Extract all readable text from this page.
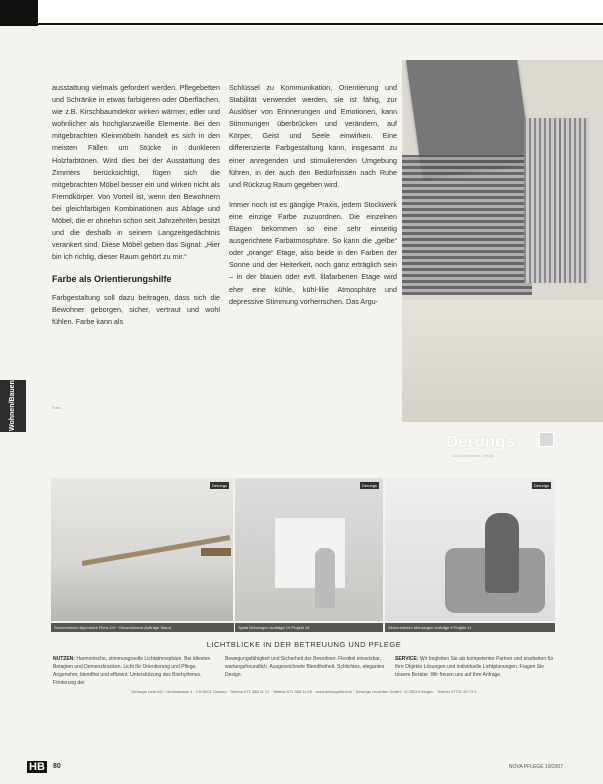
ausstattung vielmals gefordert werden. Pflegebetten und Schränke in etwas farbigeren oder Oberflächen, wie z.B. Kirschbaumdekor wirken wärmer, edler und wohnlicher als hochglanzweiße Elemente. Bei den mitgebrachten Kleinmöbeln handelt es sich in den meisten Fällen um Stücke in dunkleren Holzfarbtönen. Wird dies bei der Ausstattung des Zimmers berücksichtigt, fügen sich die mitgebrachten Möbel besser ein und wirken nicht als Fremdkörper. Von Vorteil ist, wenn den Bewohnern bei gleichfarbigen Kombinationen aus Ablage und Möbel, die er ohnehin schon seit Jahrzehnten besitzt und die deshalb in seinem Langzeitgedächtnis verankert sind. Diese Möbel geben das Signal: „Hier bin ich richtig, dieser Raum gehört zu mir.“

Farbe als Orientierungshilfe

Farbgestaltung soll dazu beitragen, dass sich die Bewohner geborgen, sicher, vertraut und wohl fühlen. Farbe kann als

Schlüssel zu Kommunikation, Orientierung und Stabilität verwendet werden, sie ist fähig, zur Auslöser von Erinnerungen und Emotionen, kann Stimmungen überbrücken und verändern, auf Körper, Geist und Seele einwirken. Eine differenzierte Farbgestaltung kann, insgesamt zu einer anregenden und stimulierenden Umgebung führen, in der auch den Bedürfnissen nach Ruhe und Rückzug Raum gegeben wird.

Immer noch ist es gängige Praxis, jedem Stockwerk eine einzige Farbe zuzuordnen. Die einzelnen Etagen bekommen so eine sehr einseitig ausgerichtete Farbatmosphäre. So kann die „gelbe“ oder „orange“ Etage, also beide in den Farben der Sonne und der Heiterkeit, noch ganz erträglich sein – in der blauen oder evtl. lilafarbenen Etage wird eher eine kühle, kühl-lilie Atmosphäre und depressive Stimmung vorherrschen. Das Argu-

Wohnen/Bauen	Foto: ...
Derungs
Licht Architektur Design
Derungs	Derungs	Derungs
Seniorenheim Alpenblick Flims CH · Gesamtinvest Aufträge Stand	Spital Münsingen Aufträge 10 Projekt 18	Seniorenheim Münsingen Aufträge 9 Projekt 11
LICHTBLICKE IN DER BETREUUNG UND PFLEGE
NUTZEN: Harmonische, stimmungsvolle Lichtatmosphäre. Bei ältesten Betagten und Demenzkranken. Licht für Orientierung und Pflege. Angenehm, blendfrei und effizient. Unterstützung des Biorhythmus. Förderung der
Bewegungsfähigkeit und Sicherheit der Bewohner. Flexibel einsetzbar, wartungsfreundlich. Ausgezeichnete Blendfreiheit. Schlichtes, elegantes Design.
SERVICE: Wir begleiten Sie als kompetenter Partner und erarbeiten für Ihre Objekte Lösungen und individuelle Lichtplanungen. Fragen Sie unsere Berater. Wir freuen uns auf Ihre Anfrage.
Derungs Licht AG · Huebstrasse 4 · CH-9201 Gossau · Telefon 071 388 11 22 · Telefax 071 388 11 00 · www.derungslicht.ch · Derungs Leuchten GmbH · D-78224 Singen · Telefon 07731 95 73 0
HB 80	NOVA PFLEGE 10/2007
